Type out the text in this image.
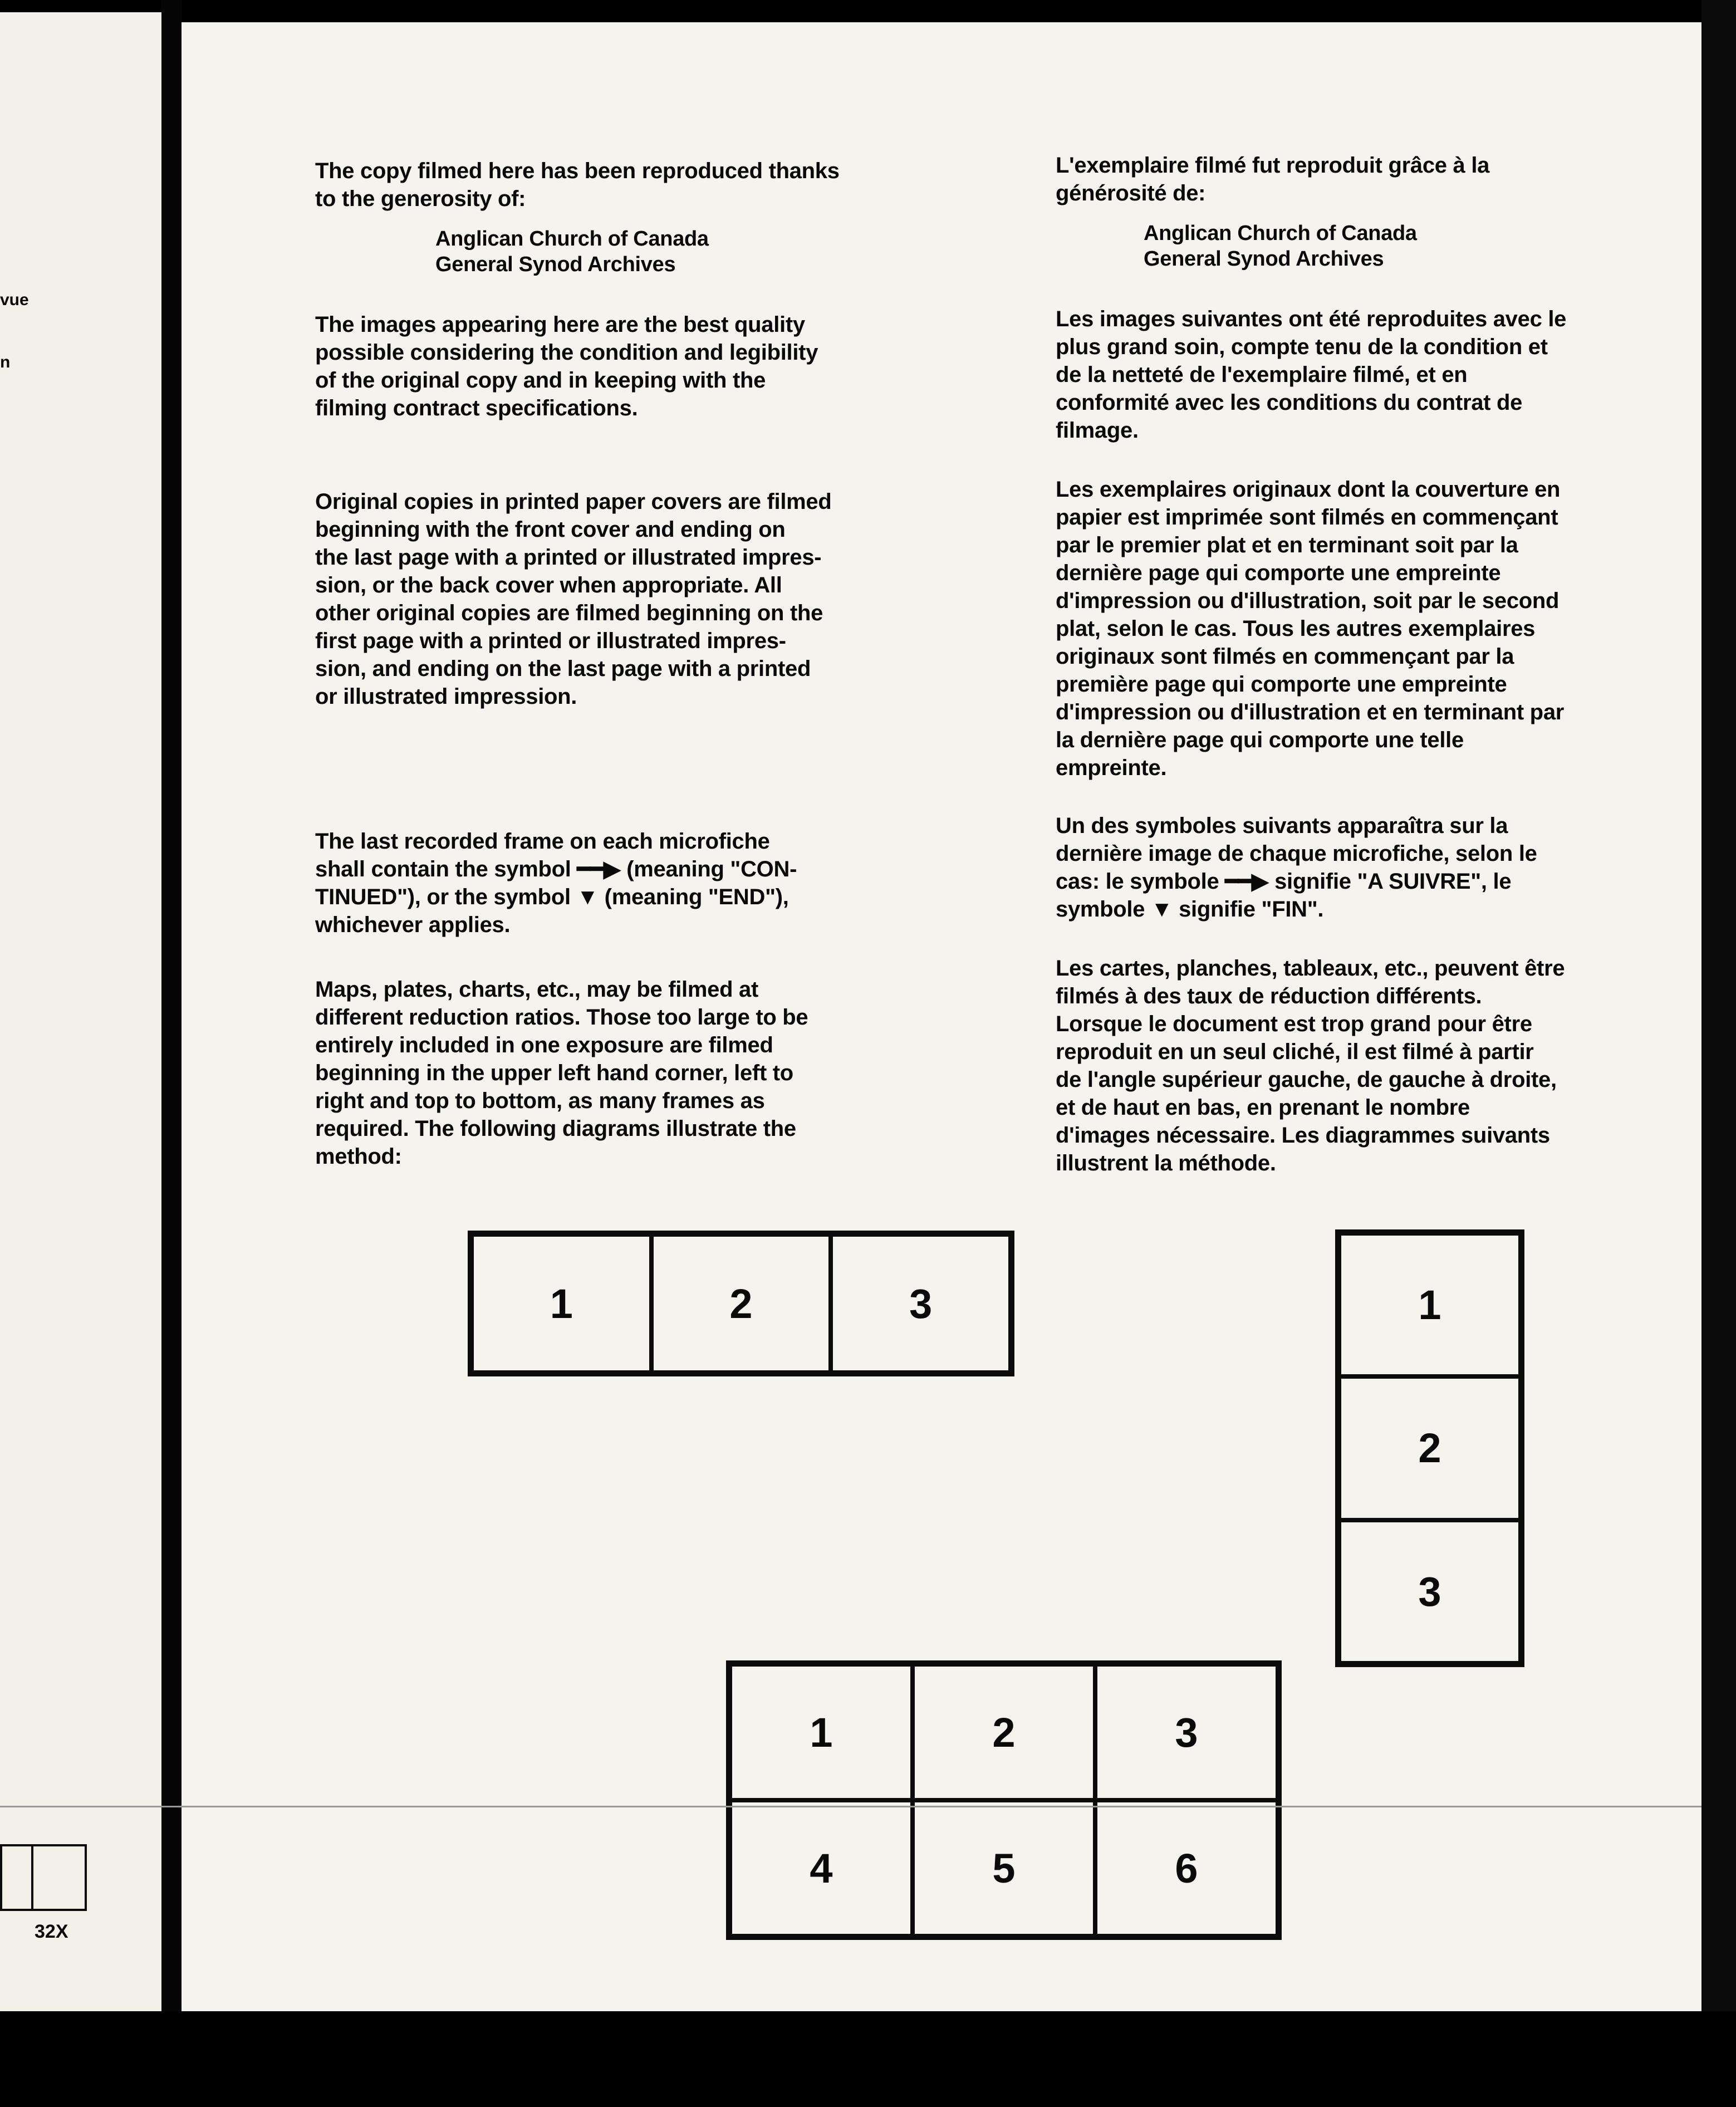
vue
n
32X

The copy filmed here has been reproduced thanks
to the generosity of:

Anglican Church of Canada
General Synod Archives

The images appearing here are the best quality
possible considering the condition and legibility
of the original copy and in keeping with the
filming contract specifications.

Original copies in printed paper covers are filmed
beginning with the front cover and ending on
the last page with a printed or illustrated impres-
sion, or the back cover when appropriate. All
other original copies are filmed beginning on the
first page with a printed or illustrated impres-
sion, and ending on the last page with a printed
or illustrated impression.

The last recorded frame on each microfiche
shall contain the symbol ━━▶ (meaning "CON-
TINUED"), or the symbol ▼ (meaning "END"),
whichever applies.

Maps, plates, charts, etc., may be filmed at
different reduction ratios. Those too large to be
entirely included in one exposure are filmed
beginning in the upper left hand corner, left to
right and top to bottom, as many frames as
required. The following diagrams illustrate the
method:

L'exemplaire filmé fut reproduit grâce à la
générosité de:

Anglican Church of Canada
General Synod Archives

Les images suivantes ont été reproduites avec le
plus grand soin, compte tenu de la condition et
de la netteté de l'exemplaire filmé, et en
conformité avec les conditions du contrat de
filmage.

Les exemplaires originaux dont la couverture en
papier est imprimée sont filmés en commençant
par le premier plat et en terminant soit par la
dernière page qui comporte une empreinte
d'impression ou d'illustration, soit par le second
plat, selon le cas. Tous les autres exemplaires
originaux sont filmés en commençant par la
première page qui comporte une empreinte
d'impression ou d'illustration et en terminant par
la dernière page qui comporte une telle
empreinte.

Un des symboles suivants apparaîtra sur la
dernière image de chaque microfiche, selon le
cas: le symbole ━━▶ signifie "A SUIVRE", le
symbole ▼ signifie "FIN".

Les cartes, planches, tableaux, etc., peuvent être
filmés à des taux de réduction différents.
Lorsque le document est trop grand pour être
reproduit en un seul cliché, il est filmé à partir
de l'angle supérieur gauche, de gauche à droite,
et de haut en bas, en prenant le nombre
d'images nécessaire. Les diagrammes suivants
illustrent la méthode.

1	2	3	1
2
3
1	2	3
4	5	6
